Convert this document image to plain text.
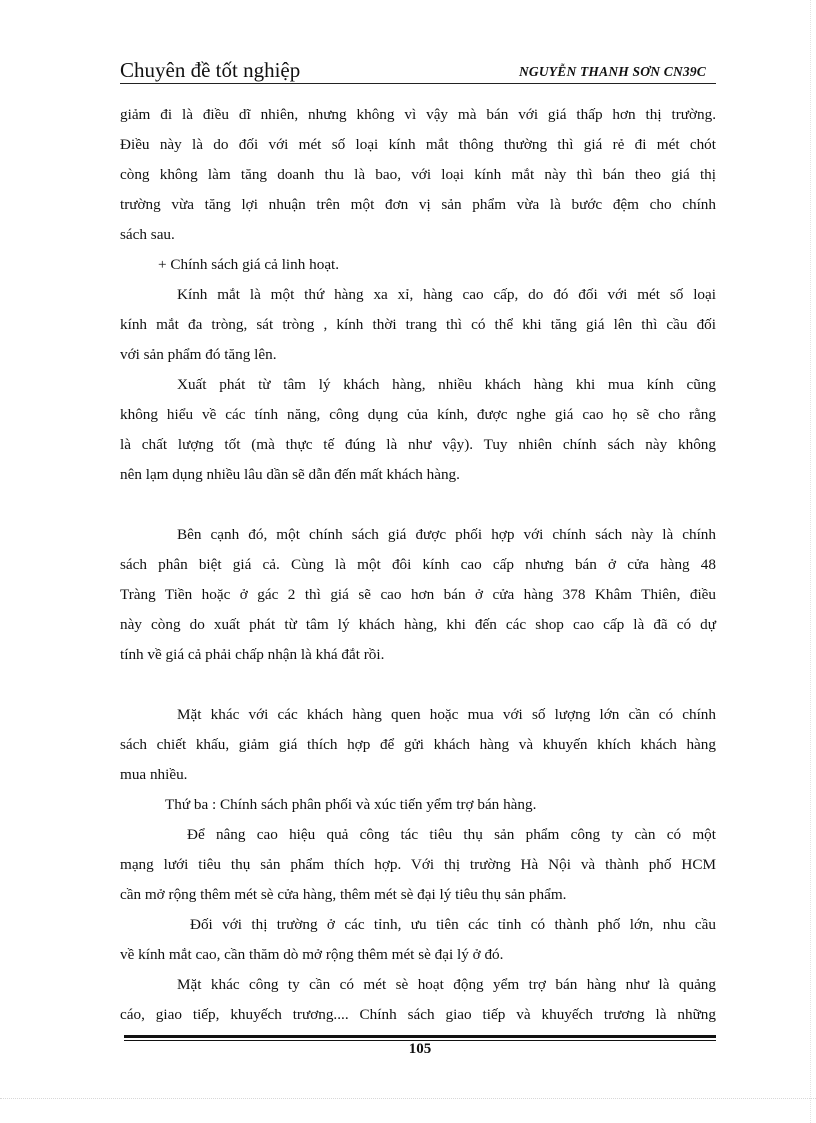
Chuyên đề tốt nghiệp	NGUYỄN THANH SƠN CN39C
giảm đi là điều dĩ nhiên, nhưng không vì vậy mà bán với giá thấp hơn thị trường.
Điều này là do đối với mét số loại kính mắt thông thường thì giá rẻ đi mét chót
còng không làm tăng doanh thu là bao, với loại kính mắt này thì bán theo giá thị
trường vừa tăng lợi nhuận trên một đơn vị sản phẩm vừa là bước đệm cho chính
sách sau.
+ Chính sách giá cả linh hoạt.
Kính mắt là một thứ hàng xa xỉ, hàng cao cấp, do đó đối với mét số loại
kính mắt đa tròng, sát tròng , kính thời trang thì có thể khi tăng giá lên thì cầu đối
với sản phẩm đó tăng lên.
Xuất phát từ tâm lý khách hàng, nhiều khách hàng khi mua kính cũng
không hiểu về các tính năng, công dụng của kính, được nghe giá cao họ sẽ cho rằng
là chất lượng tốt (mà thực tế đúng là như vậy). Tuy nhiên chính sách này không
nên lạm dụng nhiều lâu dần sẽ dẫn đến mất khách hàng.
Bên cạnh đó, một chính sách giá được phối hợp với chính sách này là chính
sách phân biệt giá cả. Cùng là một đôi kính cao cấp nhưng bán ở cửa hàng 48
Tràng Tiền hoặc ở gác 2 thì giá sẽ cao hơn bán ở cửa hàng 378 Khâm Thiên, điều
này còng do xuất phát từ tâm lý khách hàng, khi đến các shop cao cấp là đã có dự
tính về giá cả phải chấp nhận là khá đắt rồi.
Mặt khác với các khách hàng quen hoặc mua với số lượng lớn cần có chính
sách chiết khấu, giảm giá thích hợp để gửi khách hàng và khuyến khích khách hàng
mua nhiều.
Thứ ba : Chính sách phân phối và xúc tiến yểm trợ bán hàng.
Để nâng cao hiệu quả công tác tiêu thụ sản phẩm công ty càn có một
mạng lưới tiêu thụ sản phẩm thích hợp. Với thị trường Hà Nội và thành phố HCM
cần mở rộng thêm mét sè cửa hàng, thêm mét sè đại lý tiêu thụ sản phẩm.
Đối với thị trường ở các tỉnh, ưu tiên các tỉnh có thành phố lớn, nhu cầu
về kính mắt cao, cần thăm dò mở rộng thêm mét sè đại lý ở đó.
Mặt khác công ty cần có mét sè hoạt động yểm trợ bán hàng như là quảng
cáo, giao tiếp, khuyếch trương.... Chính sách giao tiếp và khuyếch trương là những
105
